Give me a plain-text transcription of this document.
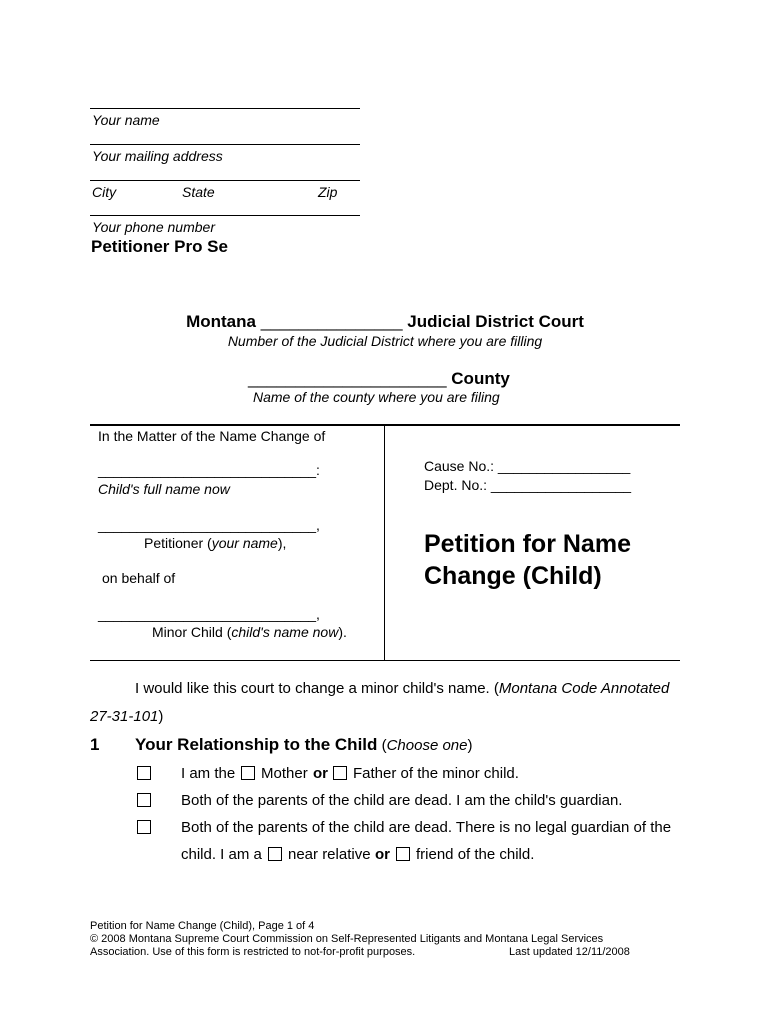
Your name
Your mailing address
City	State	Zip
Your phone number
Petitioner Pro Se
Montana _______________ Judicial District Court
Number of the Judicial District where you are filling
_____________________ County
Name of the county where you are filing
In the Matter of the Name Change of
____________________________:
Child's full name now
____________________________,
Petitioner (your name),
on behalf of
____________________________,
Minor Child (child's name now).
Cause No.: _________________
Dept. No.: __________________
Petition for Name
Change (Child)
I would like this court to change a minor child's name. (Montana Code Annotated
27-31-101)
1 Your Relationship to the Child (Choose one)
I am the Mother or Father of the minor child.
Both of the parents of the child are dead. I am the child's guardian.
Both of the parents of the child are dead. There is no legal guardian of the
child. I am a near relative or friend of the child.
Petition for Name Change (Child), Page 1 of 4
© 2008 Montana Supreme Court Commission on Self-Represented Litigants and Montana Legal Services
Association. Use of this form is restricted to not-for-profit purposes.	Last updated 12/11/2008
